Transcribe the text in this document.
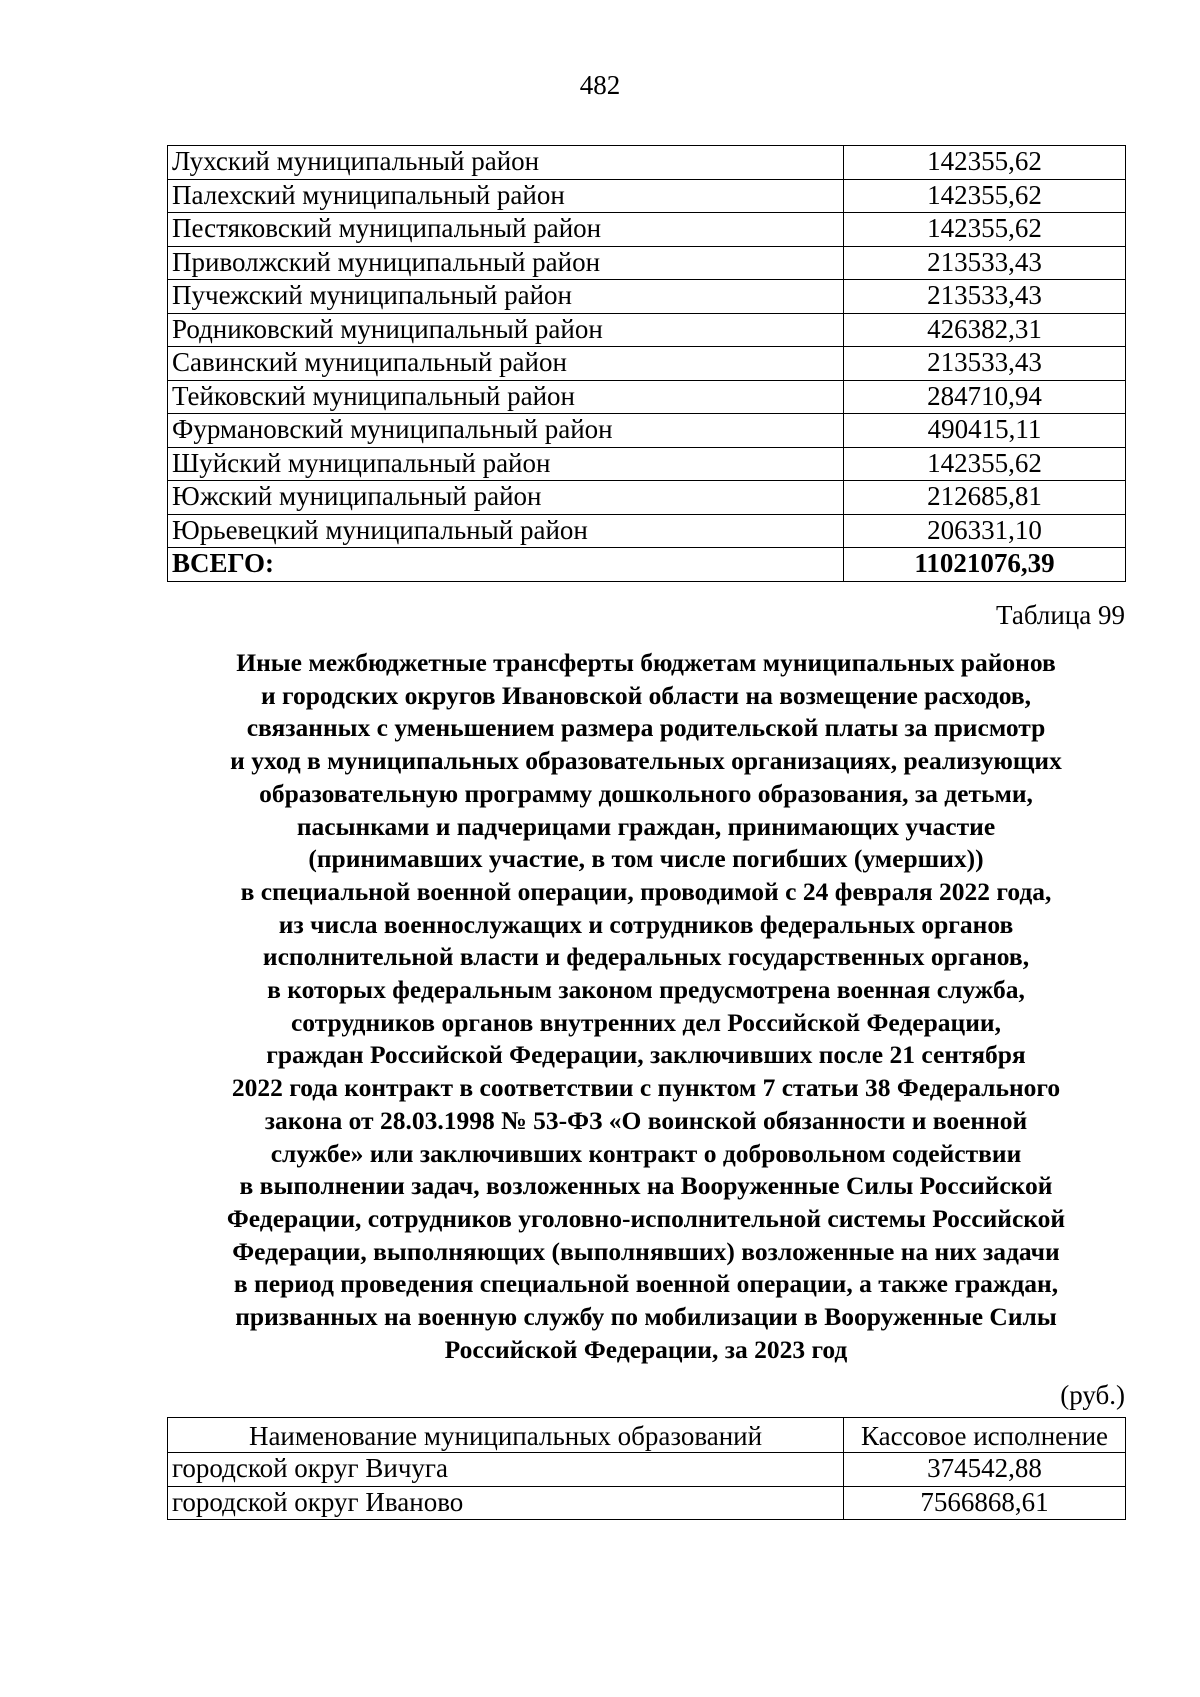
482
Лухский муниципальный район	142355,62
Палехский муниципальный район	142355,62
Пестяковский муниципальный район	142355,62
Приволжский муниципальный район	213533,43
Пучежский муниципальный район	213533,43
Родниковский муниципальный район	426382,31
Савинский муниципальный район	213533,43
Тейковский муниципальный район	284710,94
Фурмановский муниципальный район	490415,11
Шуйский муниципальный район	142355,62
Южский муниципальный район	212685,81
Юрьевецкий муниципальный район	206331,10
ВСЕГО:	11021076,39
Таблица 99
Иные межбюджетные трансферты бюджетам муниципальных районов
и городских округов Ивановской области на возмещение расходов,
связанных с уменьшением размера родительской платы за присмотр
и уход в муниципальных образовательных организациях, реализующих
образовательную программу дошкольного образования, за детьми,
пасынками и падчерицами граждан, принимающих участие
(принимавших участие, в том числе погибших (умерших))
в специальной военной операции, проводимой с 24 февраля 2022 года,
из числа военнослужащих и сотрудников федеральных органов
исполнительной власти и федеральных государственных органов,
в которых федеральным законом предусмотрена военная служба,
сотрудников органов внутренних дел Российской Федерации,
граждан Российской Федерации, заключивших после 21 сентября
2022 года контракт в соответствии с пунктом 7 статьи 38 Федерального
закона от 28.03.1998 № 53-ФЗ «О воинской обязанности и военной
службе» или заключивших контракт о добровольном содействии
в выполнении задач, возложенных на Вооруженные Силы Российской
Федерации, сотрудников уголовно-исполнительной системы Российской
Федерации, выполняющих (выполнявших) возложенные на них задачи
в период проведения специальной военной операции, а также граждан,
призванных на военную службу по мобилизации в Вооруженные Силы
Российской Федерации, за 2023 год
(руб.)
Наименование муниципальных образований	Кассовое исполнение
городской округ Вичуга	374542,88
городской округ Иваново	7566868,61
